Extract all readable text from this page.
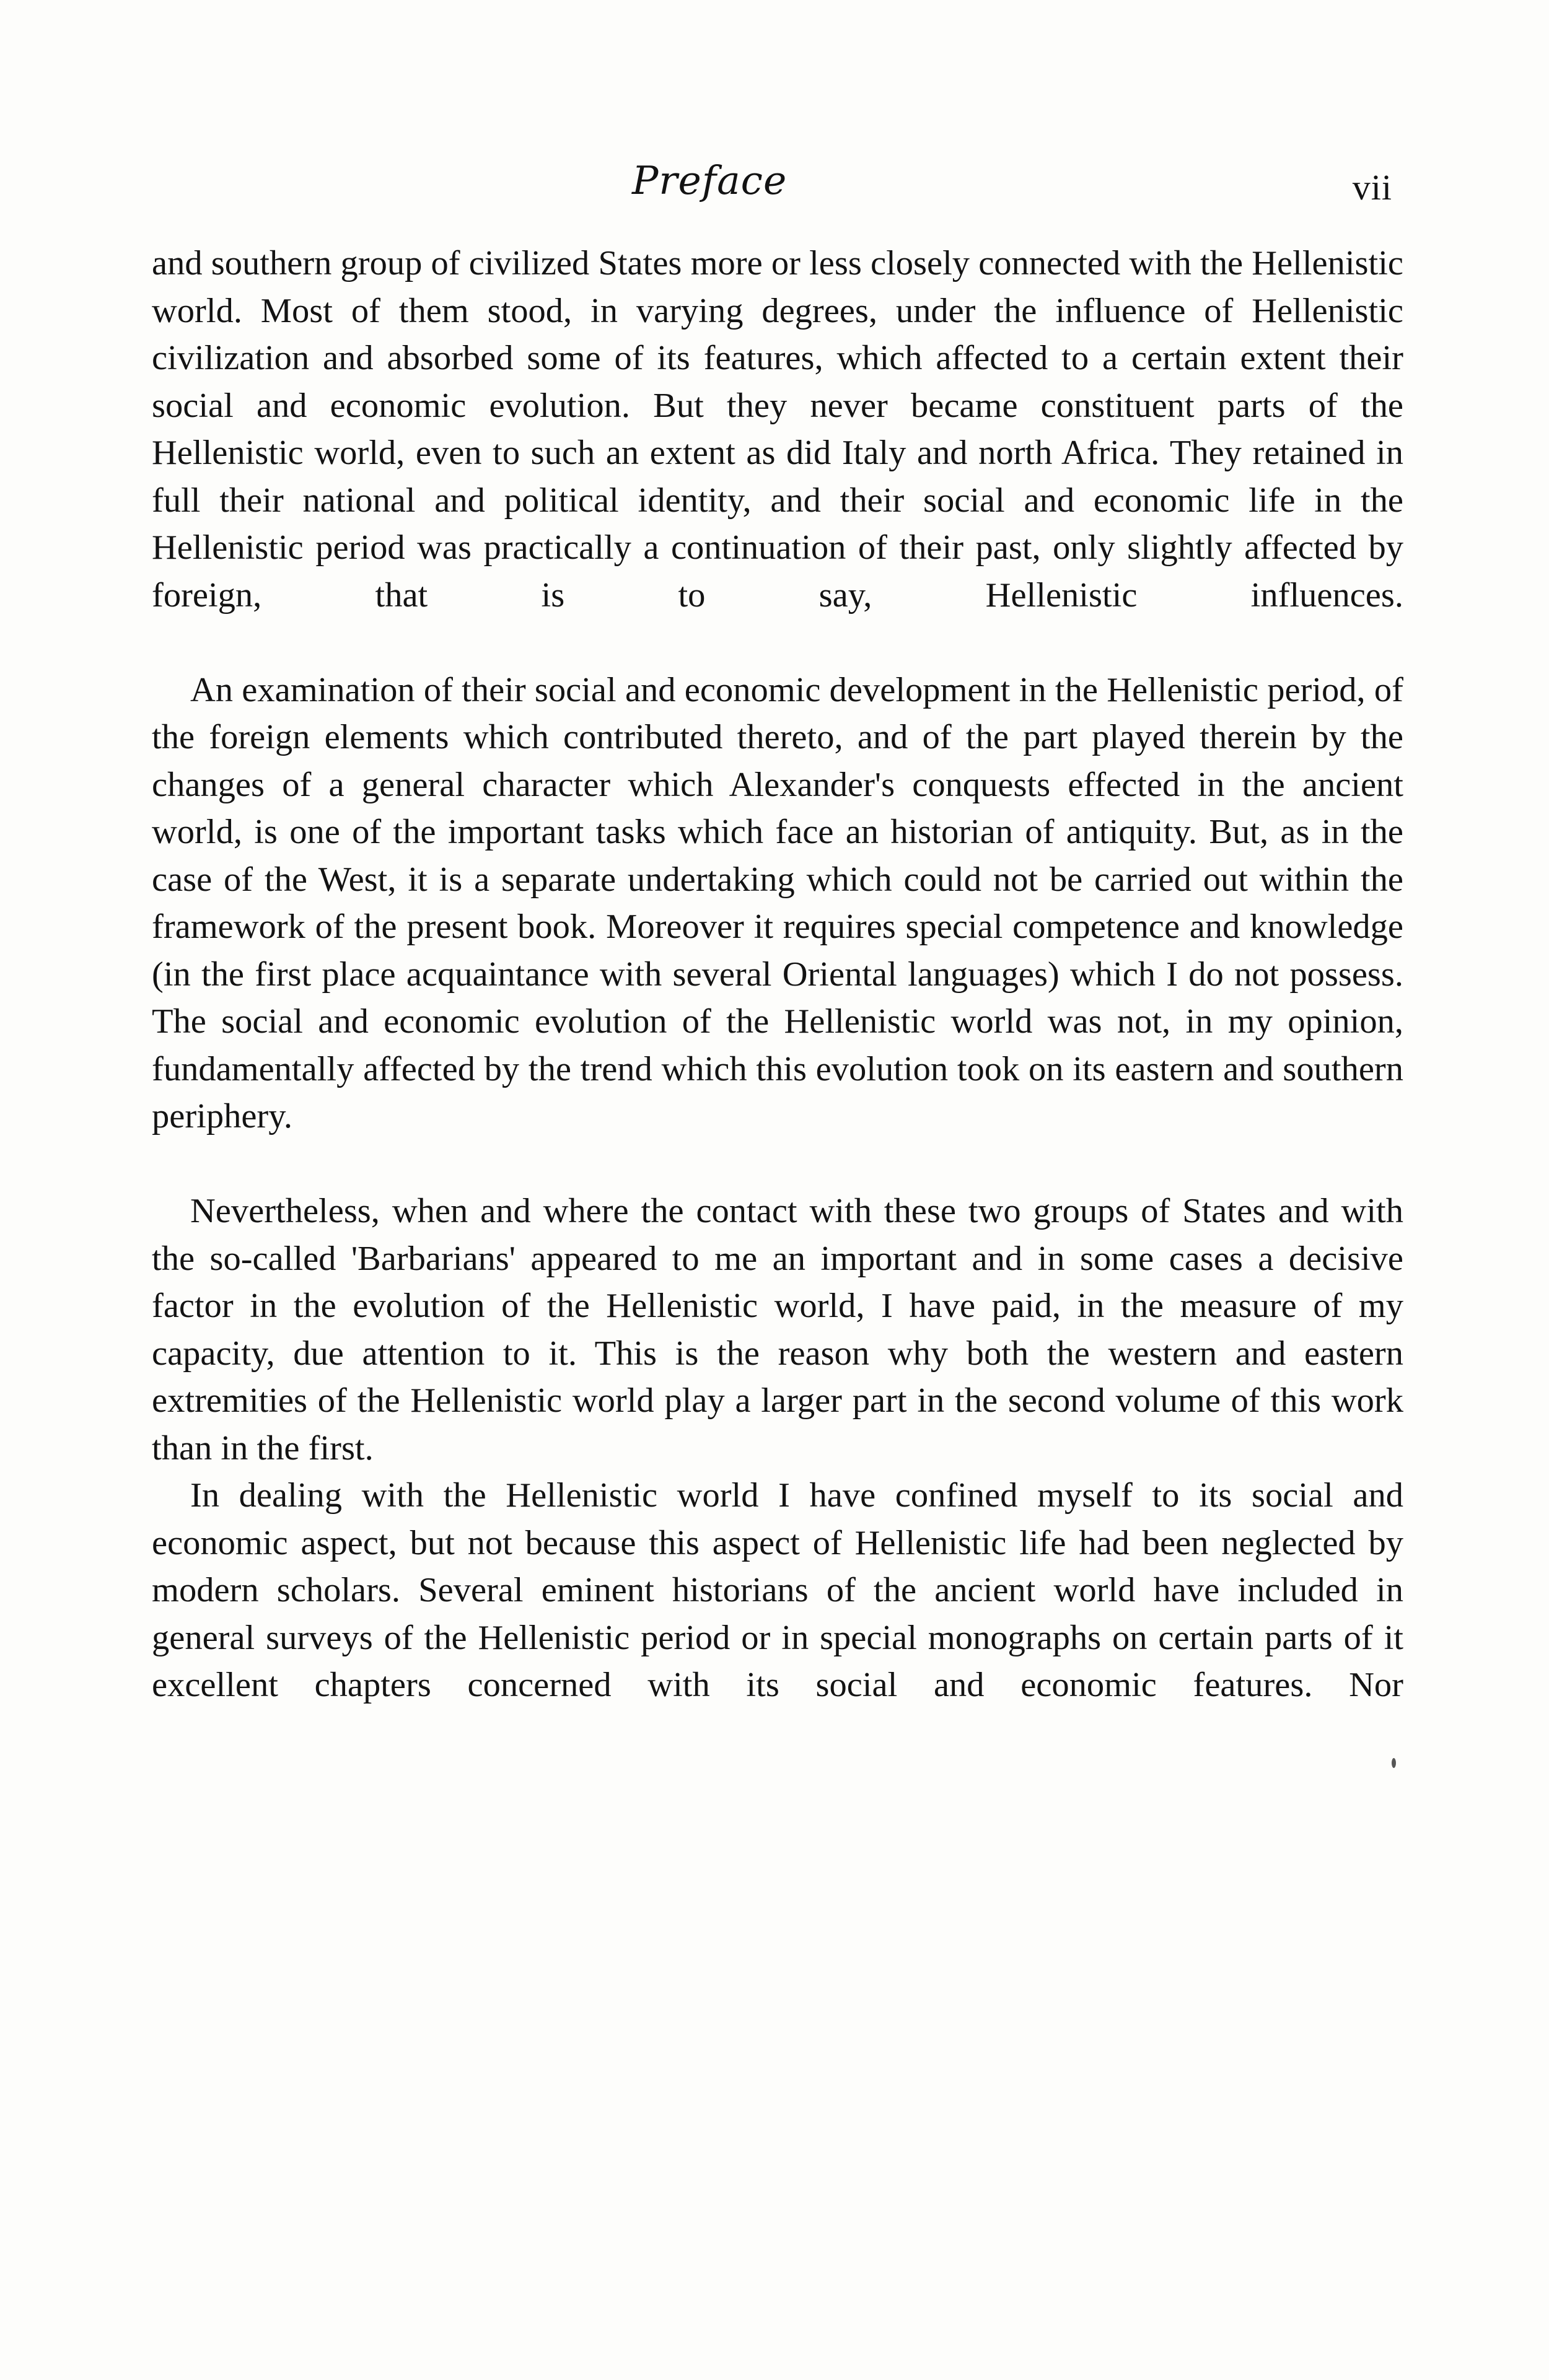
Preface	vii

and southern group of civilized States more or less closely connected with the Hellenistic world. Most of them stood, in varying degrees, under the influence of Hellenistic civilization and absorbed some of its features, which affected to a certain extent their social and economic evolution. But they never became constituent parts of the Hellenistic world, even to such an extent as did Italy and north Africa. They retained in full their national and political identity, and their social and economic life in the Hellenistic period was practically a continuation of their past, only slightly affected by foreign, that is to say, Hellenistic influences.

An examination of their social and economic development in the Hellenistic period, of the foreign elements which contributed thereto, and of the part played therein by the changes of a general character which Alexander's conquests effected in the ancient world, is one of the important tasks which face an historian of antiquity. But, as in the case of the West, it is a separate undertaking which could not be carried out within the framework of the present book. Moreover it requires special competence and knowledge (in the first place acquaintance with several Oriental languages) which I do not possess. The social and economic evolution of the Hellenistic world was not, in my opinion, fundamentally affected by the trend which this evolution took on its eastern and southern periphery.

Nevertheless, when and where the contact with these two groups of States and with the so-called 'Barbarians' appeared to me an important and in some cases a decisive factor in the evolution of the Hellenistic world, I have paid, in the measure of my capacity, due attention to it. This is the reason why both the western and eastern extremities of the Hellenistic world play a larger part in the second volume of this work than in the first.

In dealing with the Hellenistic world I have confined myself to its social and economic aspect, but not because this aspect of Hellenistic life had been neglected by modern scholars. Several eminent historians of the ancient world have included in general surveys of the Hellenistic period or in special monographs on certain parts of it excellent chapters concerned with its social and economic features. Nor
